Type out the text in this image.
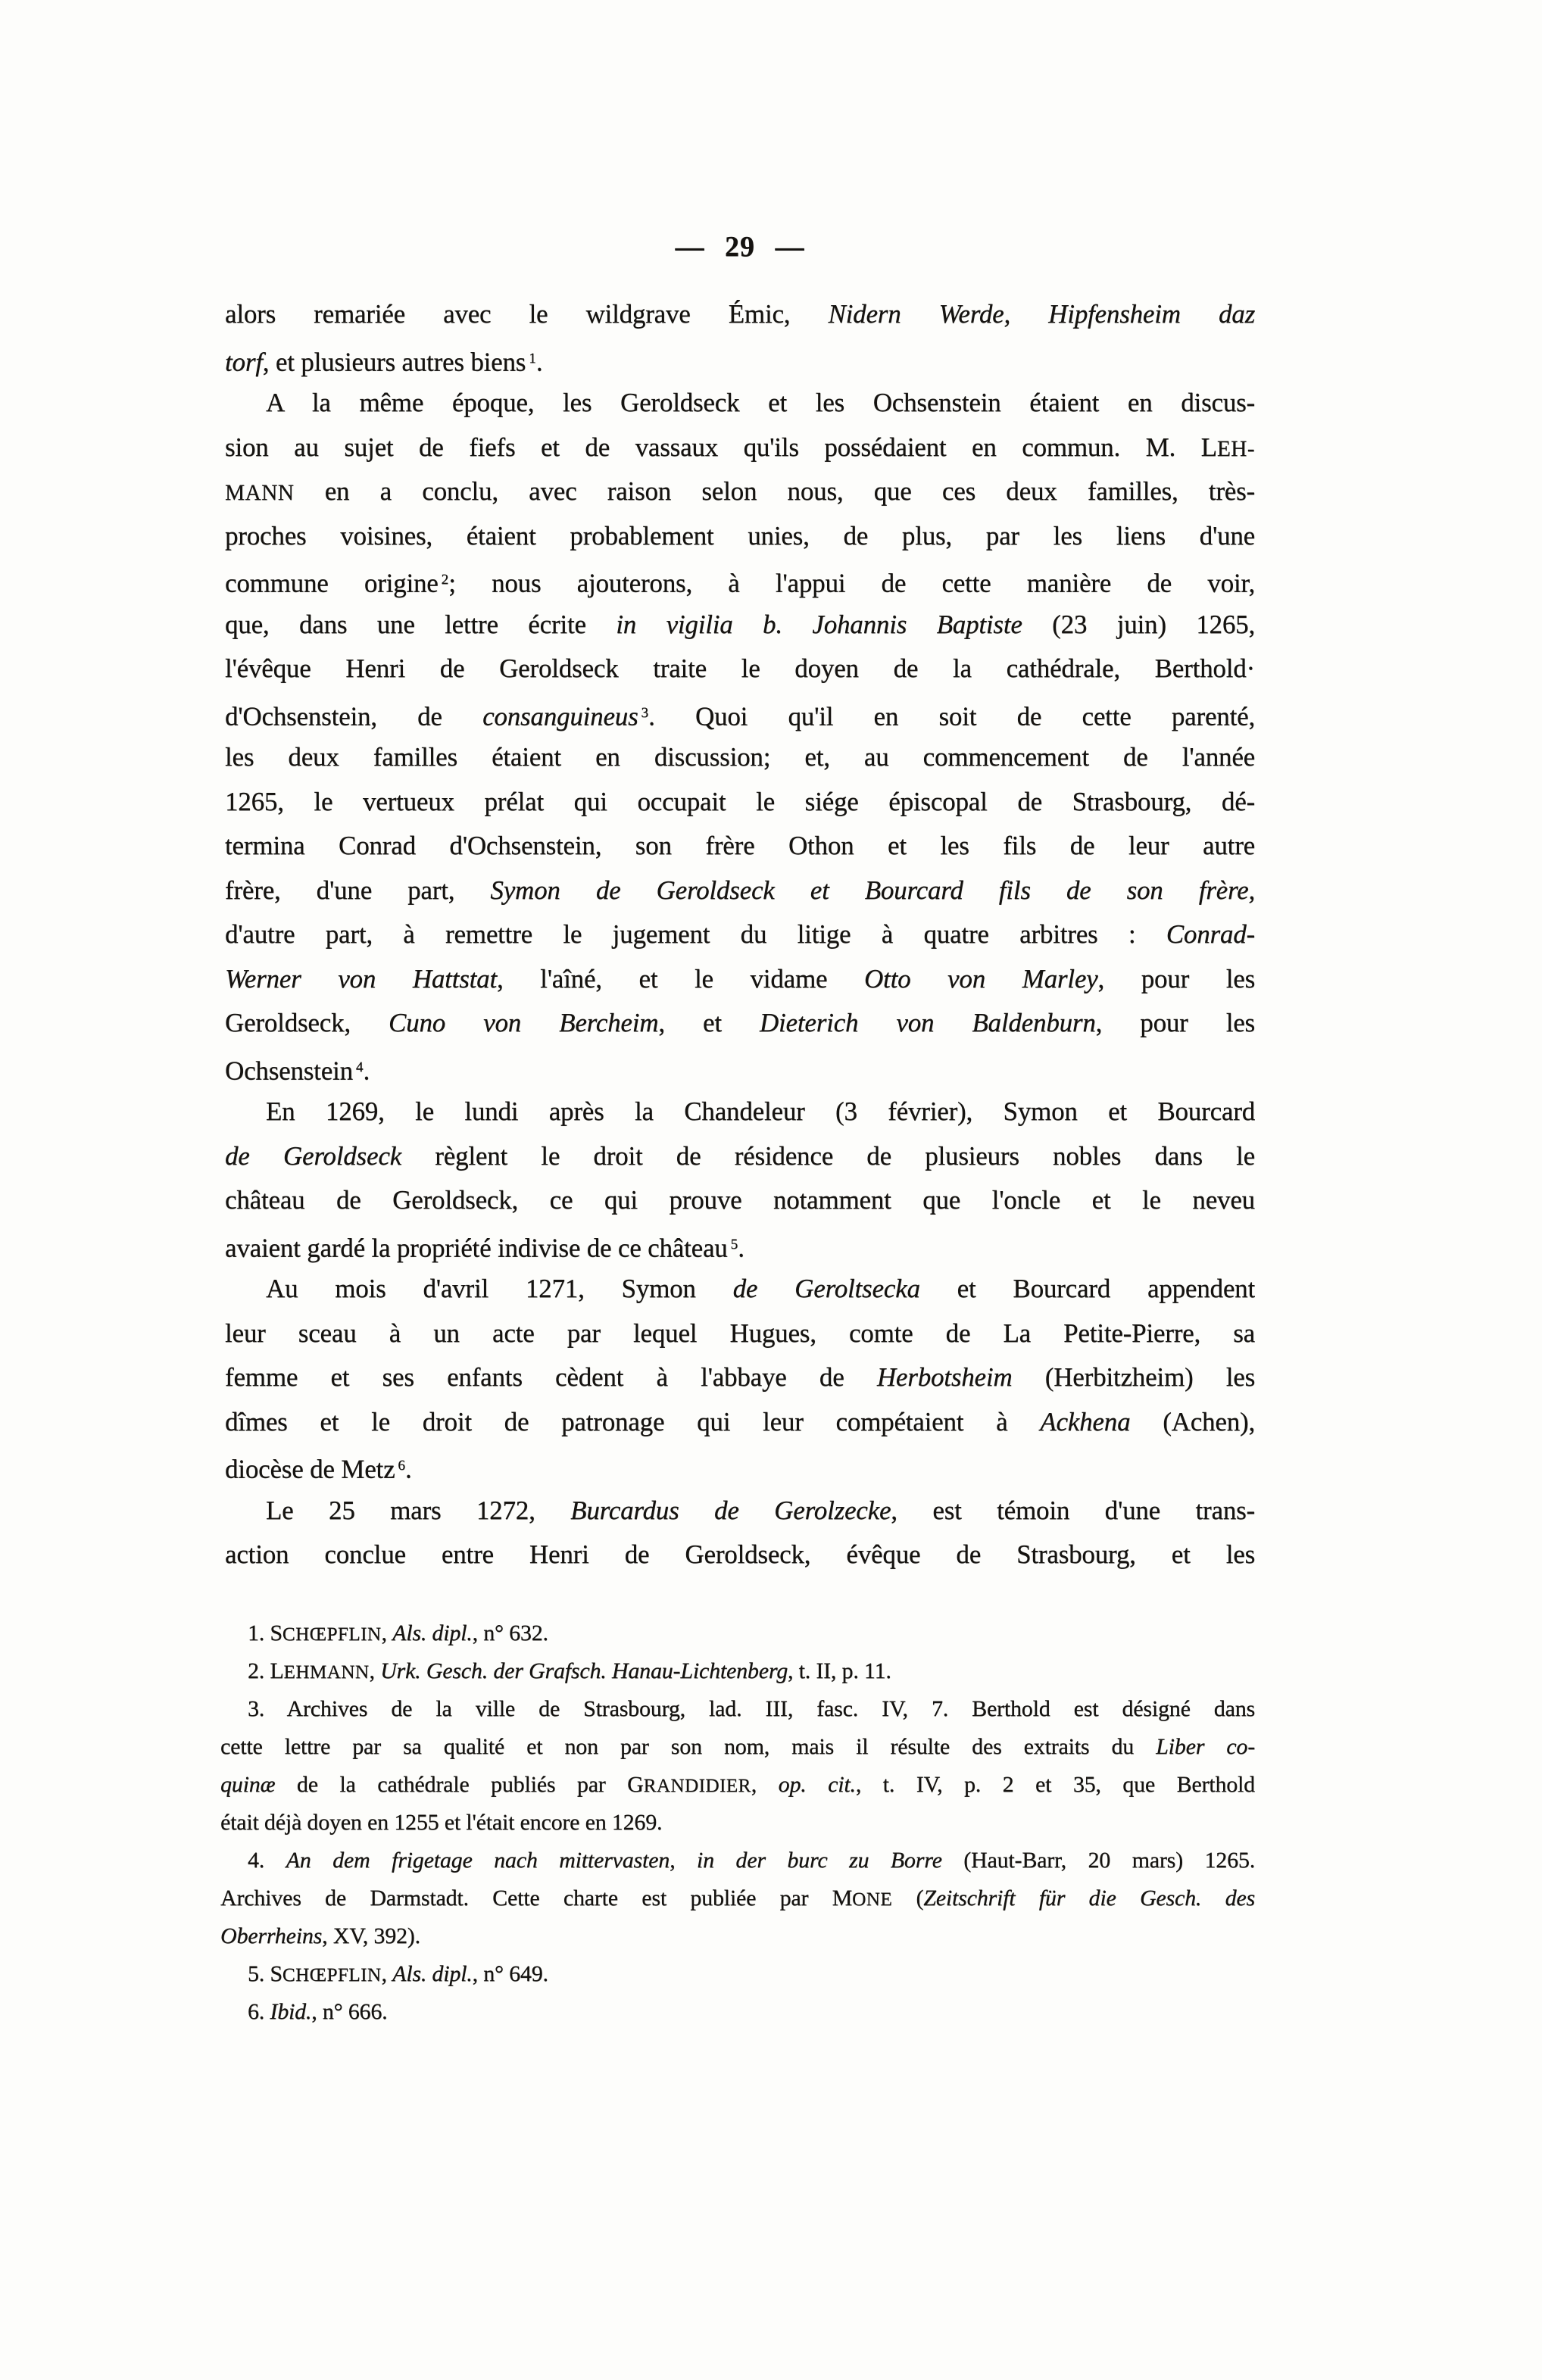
— 29 —
alors remariée avec le wildgrave Émic, Nidern Werde, Hipfensheim daz
torf, et plusieurs autres biens $^1$.
A la même époque, les Geroldseck et les Ochsenstein étaient en discus-
sion au sujet de fiefs et de vassaux qu'ils possédaient en commun. M. LEH-
MANN en a conclu, avec raison selon nous, que ces deux familles, très-
proches voisines, étaient probablement unies, de plus, par les liens d'une
commune origine $^2$; nous ajouterons, à l'appui de cette manière de voir,
que, dans une lettre écrite in vigilia b. Johannis Baptiste (23 juin) 1265,
l'évêque Henri de Geroldseck traite le doyen de la cathédrale, Berthold·
d'Ochsenstein, de consanguineus $^3$. Quoi qu'il en soit de cette parenté,
les deux familles étaient en discussion; et, au commencement de l'année
1265, le vertueux prélat qui occupait le siége épiscopal de Strasbourg, dé-
termina Conrad d'Ochsenstein, son frère Othon et les fils de leur autre
frère, d'une part, Symon de Geroldseck et Bourcard fils de son frère,
d'autre part, à remettre le jugement du litige à quatre arbitres : Conrad-
Werner von Hattstat, l'aîné, et le vidame Otto von Marley, pour les
Geroldseck, Cuno von Bercheim, et Dieterich von Baldenburn, pour les
Ochsenstein $^4$.
En 1269, le lundi après la Chandeleur (3 février), Symon et Bourcard
de Geroldseck règlent le droit de résidence de plusieurs nobles dans le
château de Geroldseck, ce qui prouve notamment que l'oncle et le neveu
avaient gardé la propriété indivise de ce château $^5$.
Au mois d'avril 1271, Symon de Geroltsecka et Bourcard appendent
leur sceau à un acte par lequel Hugues, comte de La Petite-Pierre, sa
femme et ses enfants cèdent à l'abbaye de Herbotsheim (Herbitzheim) les
dîmes et le droit de patronage qui leur compétaient à Ackhena (Achen),
diocèse de Metz $^6$.
Le 25 mars 1272, Burcardus de Gerolzecke, est témoin d'une trans-
action conclue entre Henri de Geroldseck, évêque de Strasbourg, et les
1. SCHŒPFLIN, Als. dipl., n° 632.
2. LEHMANN, Urk. Gesch. der Grafsch. Hanau-Lichtenberg, t. II, p. 11.
3. Archives de la ville de Strasbourg, lad. III, fasc. IV, 7. Berthold est désigné dans
cette lettre par sa qualité et non par son nom, mais il résulte des extraits du Liber co-
quinæ de la cathédrale publiés par GRANDIDIER, op. cit., t. IV, p. 2 et 35, que Berthold
était déjà doyen en 1255 et l'était encore en 1269.
4. An dem frigetage nach mittervasten, in der burc zu Borre (Haut-Barr, 20 mars) 1265.
Archives de Darmstadt. Cette charte est publiée par MONE (Zeitschrift für die Gesch. des
Oberrheins, XV, 392).
5. SCHŒPFLIN, Als. dipl., n° 649.
6. Ibid., n° 666.
